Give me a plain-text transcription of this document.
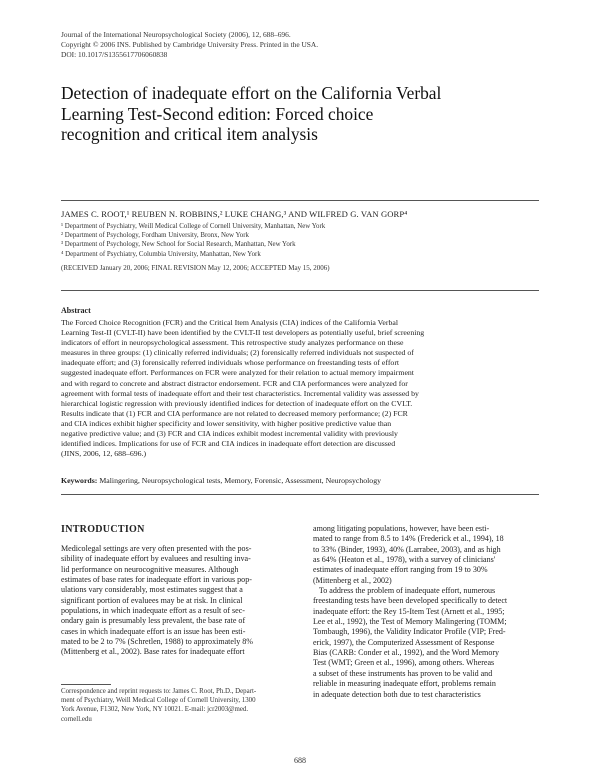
Journal of the International Neuropsychological Society (2006), 12, 688–696.
Copyright © 2006 INS. Published by Cambridge University Press. Printed in the USA.
DOI: 10.1017/S1355617706060838
Detection of inadequate effort on the California Verbal
Learning Test-Second edition: Forced choice
recognition and critical item analysis
JAMES C. ROOT,¹ REUBEN N. ROBBINS,² LUKE CHANG,³ AND WILFRED G. VAN GORP⁴
¹ Department of Psychiatry, Weill Medical College of Cornell University, Manhattan, New York
² Department of Psychology, Fordham University, Bronx, New York
³ Department of Psychology, New School for Social Research, Manhattan, New York
⁴ Department of Psychiatry, Columbia University, Manhattan, New York
(RECEIVED January 20, 2006; FINAL REVISION May 12, 2006; ACCEPTED May 15, 2006)
Abstract
The Forced Choice Recognition (FCR) and the Critical Item Analysis (CIA) indices of the California Verbal
Learning Test-II (CVLT-II) have been identified by the CVLT-II test developers as potentially useful, brief screening
indicators of effort in neuropsychological assessment. This retrospective study analyzes performance on these
measures in three groups: (1) clinically referred individuals; (2) forensically referred individuals not suspected of
inadequate effort; and (3) forensically referred individuals whose performance on freestanding tests of effort
suggested inadequate effort. Performances on FCR were analyzed for their relation to actual memory impairment
and with regard to concrete and abstract distractor endorsement. FCR and CIA performances were analyzed for
agreement with formal tests of inadequate effort and their test characteristics. Incremental validity was assessed by
hierarchical logistic regression with previously identified indices for detection of inadequate effort on the CVLT.
Results indicate that (1) FCR and CIA performance are not related to decreased memory performance; (2) FCR
and CIA indices exhibit higher specificity and lower sensitivity, with higher positive predictive value than
negative predictive value; and (3) FCR and CIA indices exhibit modest incremental validity with previously
identified indices. Implications for use of FCR and CIA indices in inadequate effort detection are discussed
(JINS, 2006, 12, 688–696.)
Keywords: Malingering, Neuropsychological tests, Memory, Forensic, Assessment, Neuropsychology
INTRODUCTION
Medicolegal settings are very often presented with the pos-
sibility of inadequate effort by evaluees and resulting inva-
lid performance on neurocognitive measures. Although
estimates of base rates for inadequate effort in various pop-
ulations vary considerably, most estimates suggest that a
significant portion of evaluees may be at risk. In clinical
populations, in which inadequate effort as a result of sec-
ondary gain is presumably less prevalent, the base rate of
cases in which inadequate effort is an issue has been esti-
mated to be 2 to 7% (Schretlen, 1988) to approximately 8%
(Mittenberg et al., 2002). Base rates for inadequate effort
among litigating populations, however, have been esti-
mated to range from 8.5 to 14% (Frederick et al., 1994), 18
to 33% (Binder, 1993), 40% (Larrabee, 2003), and as high
as 64% (Heaton et al., 1978), with a survey of clinicians'
estimates of inadequate effort ranging from 19 to 30%
(Mittenberg et al., 2002)
To address the problem of inadequate effort, numerous
freestanding tests have been developed specifically to detect
inadequate effort: the Rey 15-Item Test (Arnett et al., 1995;
Lee et al., 1992), the Test of Memory Malingering (TOMM;
Tombaugh, 1996), the Validity Indicator Profile (VIP; Fred-
erick, 1997), the Computerized Assessment of Response
Bias (CARB: Conder et al., 1992), and the Word Memory
Test (WMT; Green et al., 1996), among others. Whereas
a subset of these instruments has proven to be valid and
reliable in measuring inadequate effort, problems remain
in adequate detection both due to test characteristics
Correspondence and reprint requests to: James C. Root, Ph.D., Depart-
ment of Psychiatry, Weill Medical College of Cornell University, 1300
York Avenue, F1302, New York, NY 10021. E-mail: jcr2003@med.
cornell.edu
688
